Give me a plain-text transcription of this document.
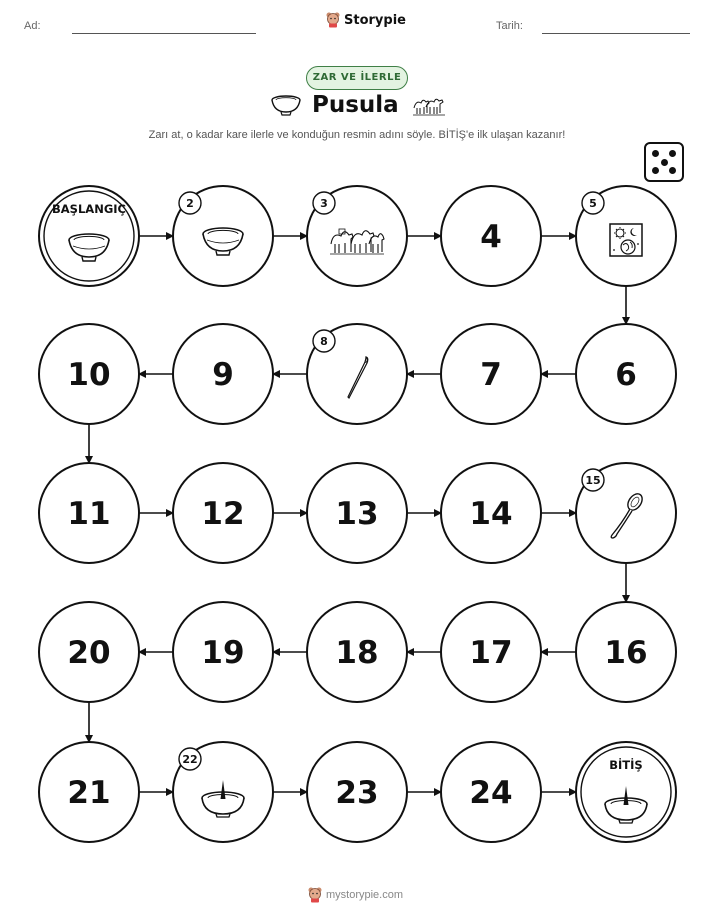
Ad:	Tarih:
Storypie
ZAR VE İLERLE
Pusula
Zarı at, o kadar kare ilerle ve konduğun resmin adını söyle. BİTİŞ'e ilk ulaşan kazanır!
BAŞLANGIÇ	2	3
4
5
6
7
8
9
10
11	12	13	14
15
16
17
18
19
20
21
22
23	24
BİTİŞ
mystorypie.com
